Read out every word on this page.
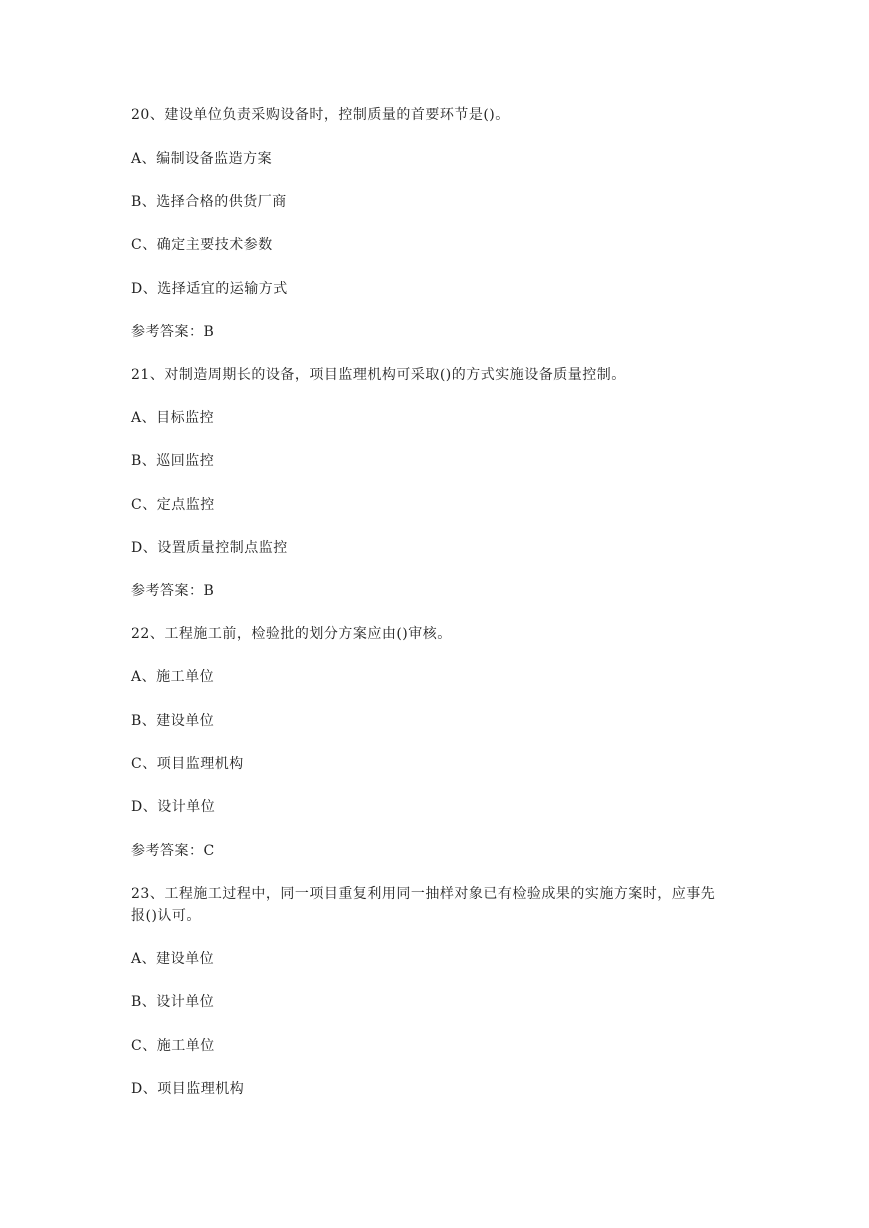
20、建设单位负责采购设备时，控制质量的首要环节是()。
A、编制设备监造方案
B、选择合格的供货厂商
C、确定主要技术参数
D、选择适宜的运输方式
参考答案：B
21、对制造周期长的设备，项目监理机构可采取()的方式实施设备质量控制。
A、目标监控
B、巡回监控
C、定点监控
D、设置质量控制点监控
参考答案：B
22、工程施工前，检验批的划分方案应由()审核。
A、施工单位
B、建设单位
C、项目监理机构
D、设计单位
参考答案：C
23、工程施工过程中，同一项目重复利用同一抽样对象已有检验成果的实施方案时，应事先
报()认可。
A、建设单位
B、设计单位
C、施工单位
D、项目监理机构
